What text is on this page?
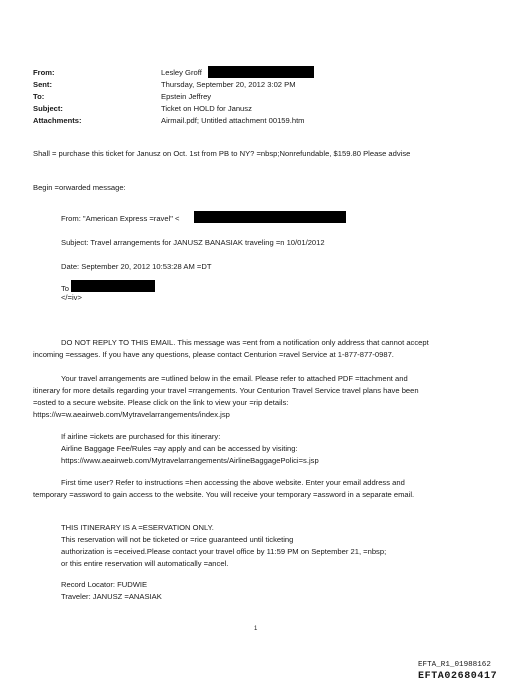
From:	Lesley Groff
Sent:	Thursday, September 20, 2012 3:02 PM
To:	Epstein Jeffrey
Subject:	Ticket on HOLD for Janusz
Attachments:	Airmail.pdf; Untitled attachment 00159.htm
Shall = purchase this ticket for Janusz on Oct. 1st from PB to NY? =nbsp;Nonrefundable, $159.80 Please advise
Begin =orwarded message:
From: "American Express =ravel" <
Subject: Travel arrangements for JANUSZ BANASIAK traveling =n 10/01/2012
Date: September 20, 2012 10:53:28 AM =DT
To
</=iv>
DO NOT REPLY TO THIS EMAIL. This message was =ent from a notification only address that cannot accept
incoming =essages. If you have any questions, please contact Centurion =ravel Service at 1-877-877-0987.
Your travel arrangements are =utlined below in the email. Please refer to attached PDF =ttachment and
itinerary for more details regarding your travel =rrangements. Your Centurion Travel Service travel plans have been
=osted to a secure website. Please click on the link to view your =rip details:
https://w=w.aeairweb.com/Mytravelarrangements/index.jsp
If airline =ickets are purchased for this itinerary:
Airline Baggage Fee/Rules =ay apply and can be accessed by visiting:
https://www.aeairweb.com/Mytravelarrangements/AirlineBaggagePolici=s.jsp
First time user? Refer to instructions =hen accessing the above website. Enter your email address and
temporary =assword to gain access to the website. You will receive your temporary =assword in a separate email.
THIS ITINERARY IS A =ESERVATION ONLY.
This reservation will not be ticketed or =rice guaranteed until ticketing
authorization is =eceived.Please contact your travel office by 11:59 PM on September 21, =nbsp;
or this entire reservation will automatically =ancel.
Record Locator: FUDWIE
Traveler: JANUSZ =ANASIAK
1
EFTA_R1_01988162
EFTA02680417
